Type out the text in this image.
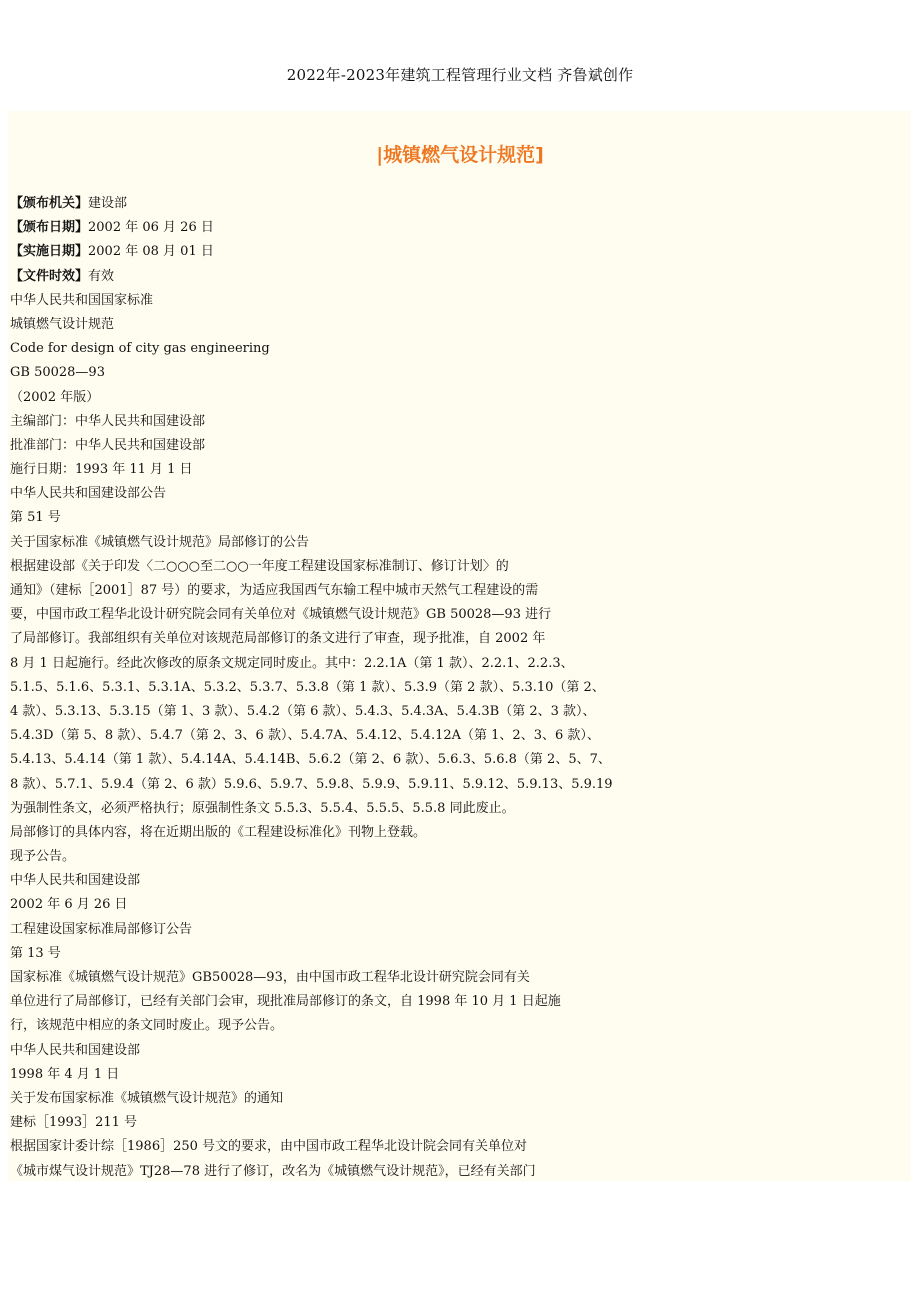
2022年-2023年建筑工程管理行业文档 齐鲁斌创作
|城镇燃气设计规范]
【颁布机关】建设部
【颁布日期】2002 年 06 月 26 日
【实施日期】2002 年 08 月 01 日
【文件时效】有效
中华人民共和国国家标准
城镇燃气设计规范
Code for design of city gas engineering
GB 50028—93
（2002 年版）
主编部门：中华人民共和国建设部
批准部门：中华人民共和国建设部
施行日期：1993 年 11 月 1 日
中华人民共和国建设部公告
第 51 号
关于国家标准《城镇燃气设计规范》局部修订的公告
根据建设部《关于印发〈二○○○至二○○一年度工程建设国家标准制订、修订计划〉的
通知》（建标［2001］87 号）的要求，为适应我国西气东输工程中城市天然气工程建设的需
要，中国市政工程华北设计研究院会同有关单位对《城镇燃气设计规范》GB 50028—93 进行
了局部修订。我部组织有关单位对该规范局部修订的条文进行了审查，现予批准，自 2002 年
8 月 1 日起施行。经此次修改的原条文规定同时废止。其中：2.2.1A（第 1 款）、2.2.1、2.2.3、
5.1.5、5.1.6、5.3.1、5.3.1A、5.3.2、5.3.7、5.3.8（第 1 款）、5.3.9（第 2 款）、5.3.10（第 2、
4 款）、5.3.13、5.3.15（第 1、3 款）、5.4.2（第 6 款）、5.4.3、5.4.3A、5.4.3B（第 2、3 款）、
5.4.3D（第 5、8 款）、5.4.7（第 2、3、6 款）、5.4.7A、5.4.12、5.4.12A（第 1、2、3、6 款）、
5.4.13、5.4.14（第 1 款）、5.4.14A、5.4.14B、5.6.2（第 2、6 款）、5.6.3、5.6.8（第 2、5、7、
8 款）、5.7.1、5.9.4（第 2、6 款）5.9.6、5.9.7、5.9.8、5.9.9、5.9.11、5.9.12、5.9.13、5.9.19
为强制性条文，必须严格执行；原强制性条文 5.5.3、5.5.4、5.5.5、5.5.8 同此废止。
局部修订的具体内容，将在近期出版的《工程建设标准化》刊物上登载。
现予公告。
中华人民共和国建设部
2002 年 6 月 26 日
工程建设国家标准局部修订公告
第 13 号
国家标准《城镇燃气设计规范》GB50028—93，由中国市政工程华北设计研究院会同有关
单位进行了局部修订，已经有关部门会审，现批准局部修订的条文，自 1998 年 10 月 1 日起施
行，该规范中相应的条文同时废止。现予公告。
中华人民共和国建设部
1998 年 4 月 1 日
关于发布国家标准《城镇燃气设计规范》的通知
建标［1993］211 号
根据国家计委计综［1986］250 号文的要求，由中国市政工程华北设计院会同有关单位对
《城市煤气设计规范》TJ28—78 进行了修订，改名为《城镇燃气设计规范》，已经有关部门
